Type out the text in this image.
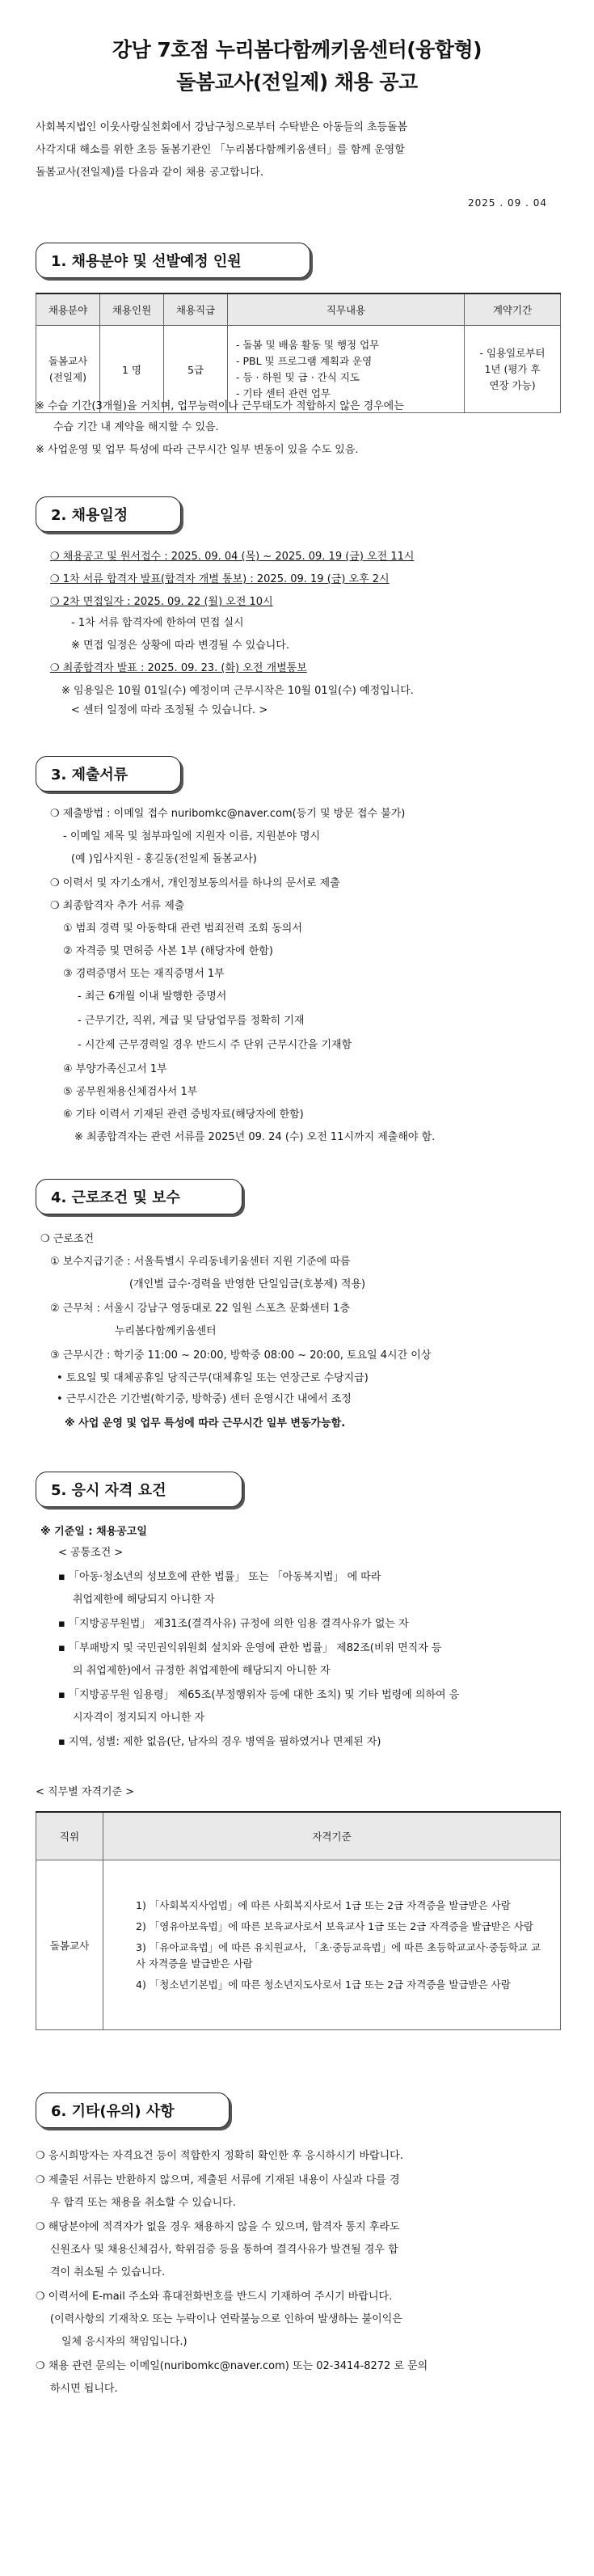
강남 7호점 누리봄다함께키움센터(융합형)
돌봄교사(전일제) 채용 공고
사회복지법인 이웃사랑실천회에서 강남구청으로부터 수탁받은 아동들의 초등돌봄
사각지대 해소를 위한 초등 돌봄기관인 「누리봄다함께키움센터」를 함께 운영할
돌봄교사(전일제)를 다음과 같이 채용 공고합니다.
2025 . 09 . 04
1. 채용분야 및 선발예정 인원
채용분야	채용인원	채용직급	직무내용	계약기간
돌봄교사
(전일제)	1 명	5급	- 돌봄 및 배움 활동 및 행정 업무
- PBL 및 프로그램 계획과 운영
- 등 · 하원 및 급 · 간식 지도
- 기타 센터 관련 업무	- 임용일로부터
1년 (평가 후
연장 가능)
※ 수습 기간(3개월)을 거치며, 업무능력이나 근무태도가 적합하지 않은 경우에는
수습 기간 내 계약을 해지할 수 있음.
※ 사업운영 및 업무 특성에 따라 근무시간 일부 변동이 있을 수도 있음.
2. 채용일정
❍ 채용공고 및 원서접수 : 2025. 09. 04 (목) ~ 2025. 09. 19 (금) 오전 11시
❍ 1차 서류 합격자 발표(합격자 개별 통보) : 2025. 09. 19 (금) 오후 2시
❍ 2차 면접일자 : 2025. 09. 22 (월) 오전 10시
- 1차 서류 합격자에 한하여 면접 실시
※ 면접 일정은 상황에 따라 변경될 수 있습니다.
❍ 최종합격자 발표 : 2025. 09. 23. (화) 오전 개별통보
※ 임용일은 10월 01일(수) 예정이며 근무시작은 10월 01일(수) 예정입니다.
< 센터 일정에 따라 조정될 수 있습니다. >
3. 제출서류
❍ 제출방법 : 이메일 접수 nuribomkc@naver.com(등기 및 방문 접수 불가)
- 이메일 제목 및 첨부파일에 지원자 이름, 지원분야 명시
(예 )입사지원 - 홍길동(전일제 돌봄교사)
❍ 이력서 및 자기소개서, 개인정보동의서를 하나의 문서로 제출
❍ 최종합격자 추가 서류 제출
① 범죄 경력 및 아동학대 관련 범죄전력 조회 동의서
② 자격증 및 면허증 사본 1부 (해당자에 한함)
③ 경력증명서 또는 재직증명서 1부
- 최근 6개월 이내 발행한 증명서
- 근무기간, 직위, 계급 및 담당업무를 정확히 기재
- 시간제 근무경력일 경우 반드시 주 단위 근무시간을 기재함
④ 부양가족신고서 1부
⑤ 공무원채용신체검사서 1부
⑥ 기타 이력서 기재된 관련 증빙자료(해당자에 한함)
※ 최종합격자는 관련 서류를 2025년 09. 24 (수) 오전 11시까지 제출해야 함.
4. 근로조건 및 보수
❍ 근로조건
① 보수지급기준 : 서울특별시 우리동네키움센터 지원 기준에 따름
(개인별 급수·경력을 반영한 단일임금(호봉제) 적용)
② 근무처 : 서울시 강남구 영동대로 22 일원 스포츠 문화센터 1층
누리봄다함께키움센터
③ 근무시간 : 학기중 11:00 ~ 20:00, 방학중 08:00 ~ 20:00, 토요일 4시간 이상
• 토요일 및 대체공휴일 당직근무(대체휴일 또는 연장근로 수당지급)
• 근무시간은 기간별(학기중, 방학중) 센터 운영시간 내에서 조정
※ 사업 운영 및 업무 특성에 따라 근무시간 일부 변동가능함.
5. 응시 자격 요건
※ 기준일 : 채용공고일
< 공통조건 >
▪ 「아동·청소년의 성보호에 관한 법률」 또는 「아동복지법」 에 따라
취업제한에 해당되지 아니한 자
▪ 「지방공무원법」 제31조(결격사유) 규정에 의한 임용 결격사유가 없는 자
▪ 「부패방지 및 국민권익위원회 설치와 운영에 관한 법률」 제82조(비위 면직자 등
의 취업제한)에서 규정한 취업제한에 해당되지 아니한 자
▪ 「지방공무원 임용령」 제65조(부정행위자 등에 대한 조치) 및 기타 법령에 의하여 응
시자격이 정지되지 아니한 자
▪ 지역, 성별: 제한 없음(단, 남자의 경우 병역을 필하였거나 면제된 자)
< 직무별 자격기준 >
직위	자격기준
돌봄교사	1) 「사회복지사업법」에 따른 사회복지사로서 1급 또는 2급 자격증을 발급받은 사람
2) 「영유아보육법」에 따른 보육교사로서 보육교사 1급 또는 2급 자격증을 발급받은 사람
3) 「유아교육법」에 따른 유치원교사, 「초·중등교육법」에 따른 초등학교교사·중등학교 교사 자격증을 발급받은 사람
4) 「청소년기본법」에 따른 청소년지도사로서 1급 또는 2급 자격증을 발급받은 사람
6. 기타(유의) 사항
❍ 응시희망자는 자격요건 등이 적합한지 정확히 확인한 후 응시하시기 바랍니다.
❍ 제출된 서류는 반환하지 않으며, 제출된 서류에 기재된 내용이 사실과 다를 경
우 합격 또는 채용을 취소할 수 있습니다.
❍ 해당분야에 적격자가 없을 경우 채용하지 않을 수 있으며, 합격자 통지 후라도
신원조사 및 채용신체검사, 학위검증 등을 통하여 결격사유가 발견될 경우 합
격이 취소될 수 있습니다.
❍ 이력서에 E-mail 주소와 휴대전화번호를 반드시 기재하여 주시기 바랍니다.
(이력사항의 기재착오 또는 누락이나 연락불능으로 인하여 발생하는 불이익은
일체 응시자의 책임입니다.)
❍ 채용 관련 문의는 이메일(nuribomkc@naver.com) 또는 02-3414-8272 로 문의
하시면 됩니다.
